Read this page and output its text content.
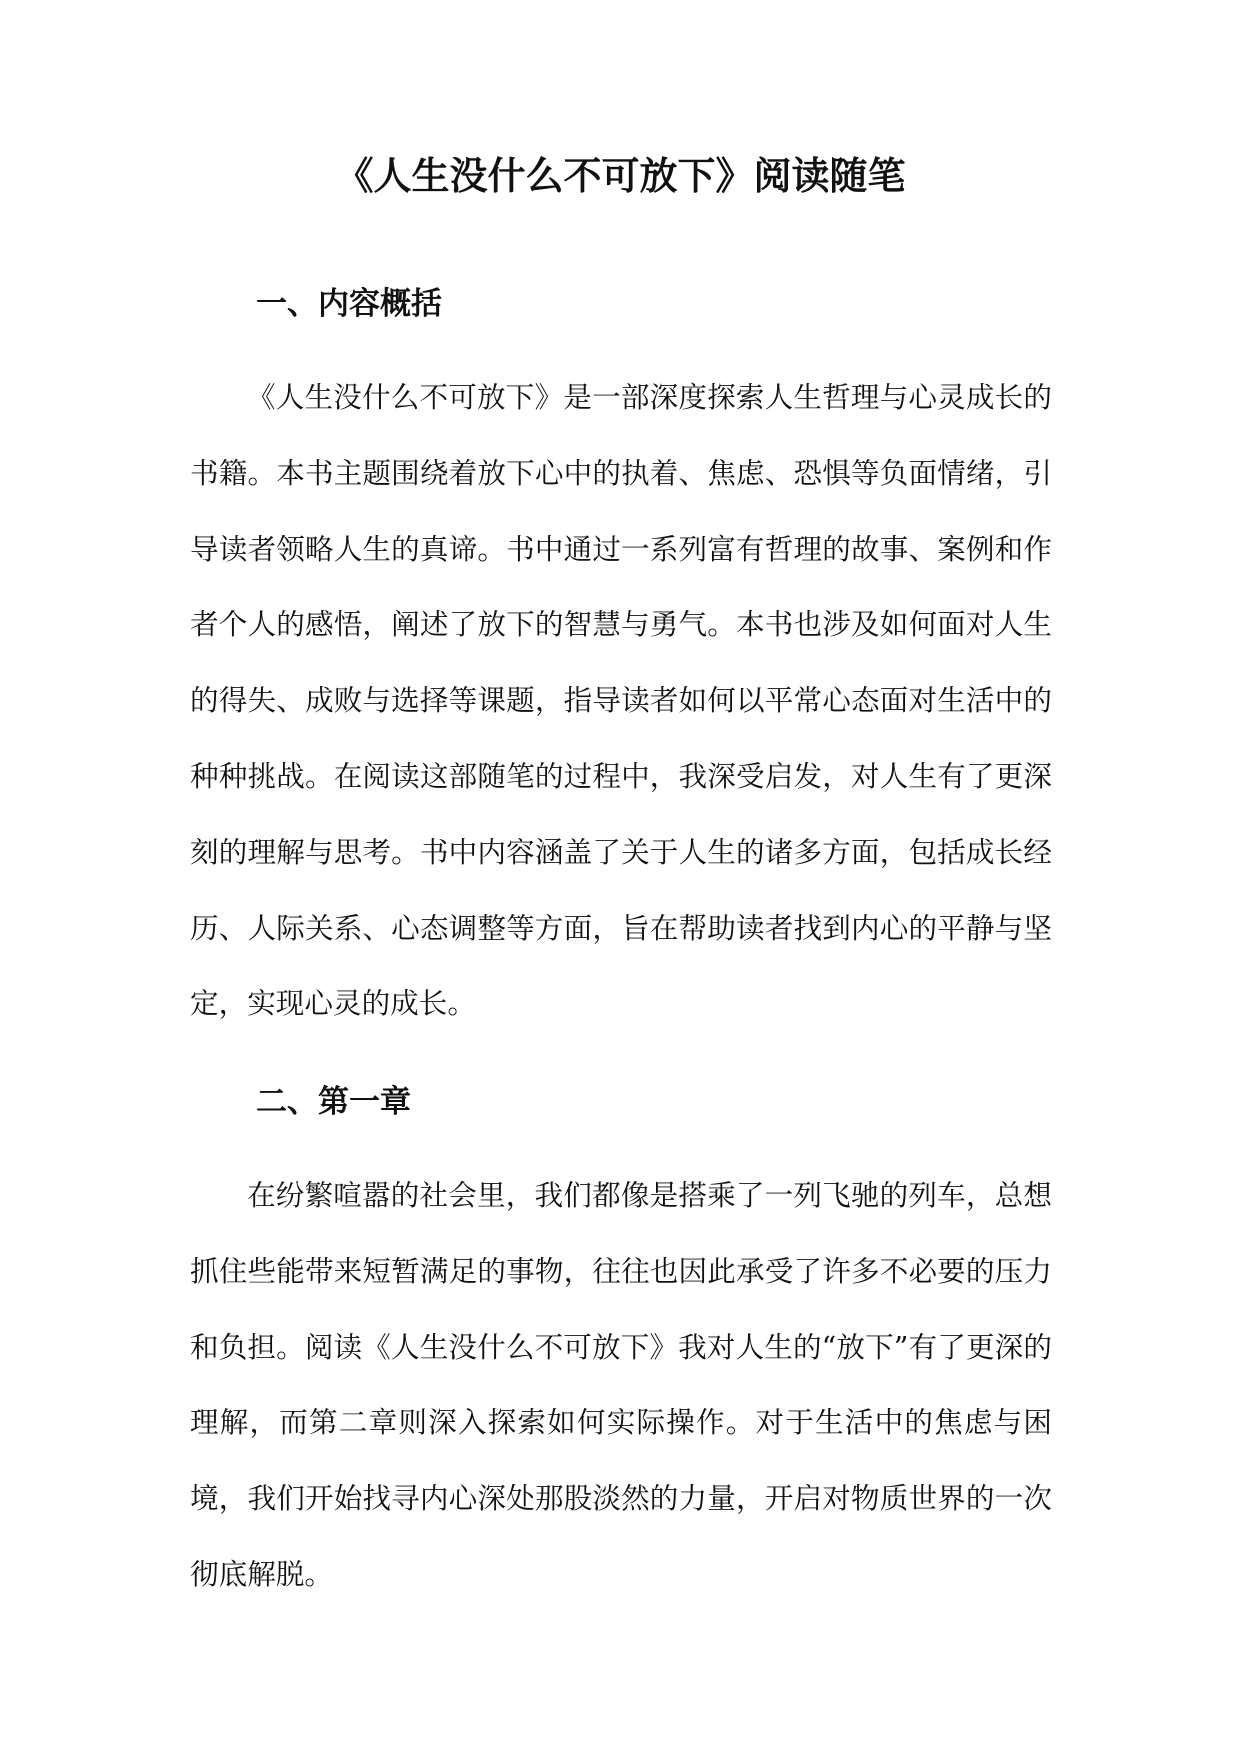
《人生没什么不可放下》阅读随笔
一、内容概括

《人生没什么不可放下》是一部深度探索人生哲理与心灵成长的书籍。本书主题围绕着放下心中的执着、焦虑、恐惧等负面情绪，引导读者领略人生的真谛。书中通过一系列富有哲理的故事、案例和作者个人的感悟，阐述了放下的智慧与勇气。本书也涉及如何面对人生的得失、成败与选择等课题，指导读者如何以平常心态面对生活中的种种挑战。在阅读这部随笔的过程中，我深受启发，对人生有了更深刻的理解与思考。书中内容涵盖了关于人生的诸多方面，包括成长经历、人际关系、心态调整等方面，旨在帮助读者找到内心的平静与坚定，实现心灵的成长。

二、第一章

在纷繁喧嚣的社会里，我们都像是搭乘了一列飞驰的列车，总想抓住些能带来短暂满足的事物，往往也因此承受了许多不必要的压力和负担。阅读《人生没什么不可放下》我对人生的“放下”有了更深的理解，而第二章则深入探索如何实际操作。对于生活中的焦虑与困境，我们开始找寻内心深处那股淡然的力量，开启对物质世界的一次彻底解脱。
